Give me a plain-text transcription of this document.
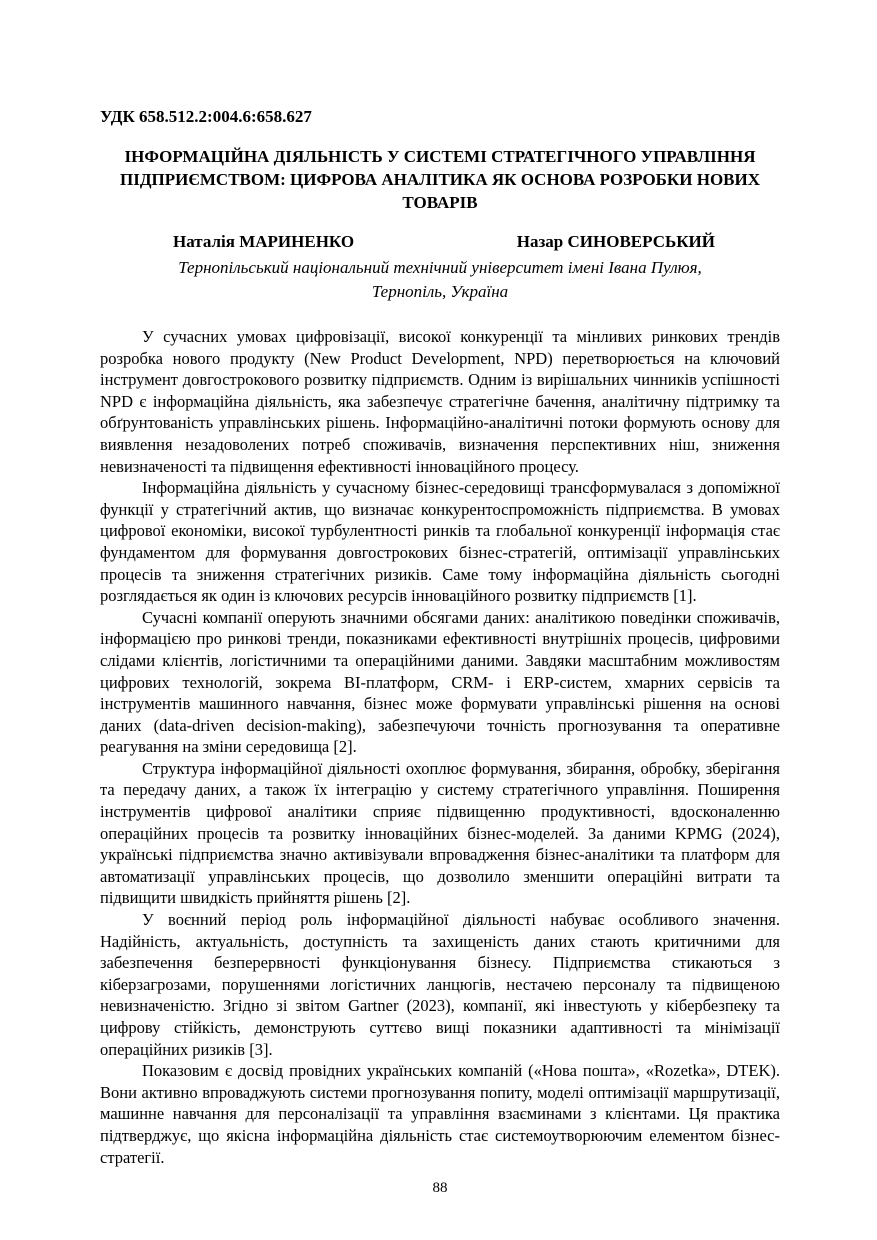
УДК 658.512.2:004.6:658.627
ІНФОРМАЦІЙНА ДІЯЛЬНІСТЬ У СИСТЕМІ СТРАТЕГІЧНОГО УПРАВЛІННЯ
ПІДПРИЄМСТВОМ: ЦИФРОВА АНАЛІТИКА ЯК ОСНОВА РОЗРОБКИ НОВИХ
ТОВАРІВ
Наталія МАРИНЕНКО	Назар СИНОВЕРСЬКИЙ
Тернопільський національний технічний університет імені Івана Пулюя,
Тернопіль, Україна

У сучасних умовах цифровізації, високої конкуренції та мінливих ринкових трендів розробка нового продукту (New Product Development, NPD) перетворюється на ключовий інструмент довгострокового розвитку підприємств. Одним із вирішальних чинників успішності NPD є інформаційна діяльність, яка забезпечує стратегічне бачення, аналітичну підтримку та обґрунтованість управлінських рішень. Інформаційно-аналітичні потоки формують основу для виявлення незадоволених потреб споживачів, визначення перспективних ніш, зниження невизначеності та підвищення ефективності інноваційного процесу.

Інформаційна діяльність у сучасному бізнес-середовищі трансформувалася з допоміжної функції у стратегічний актив, що визначає конкурентоспроможність підприємства. В умовах цифрової економіки, високої турбулентності ринків та глобальної конкуренції інформація стає фундаментом для формування довгострокових бізнес-стратегій, оптимізації управлінських процесів та зниження стратегічних ризиків. Саме тому інформаційна діяльність сьогодні розглядається як один із ключових ресурсів інноваційного розвитку підприємств [1].

Сучасні компанії оперують значними обсягами даних: аналітикою поведінки споживачів, інформацією про ринкові тренди, показниками ефективності внутрішніх процесів, цифровими слідами клієнтів, логістичними та операційними даними. Завдяки масштабним можливостям цифрових технологій, зокрема BI-платформ, CRM- і ERP-систем, хмарних сервісів та інструментів машинного навчання, бізнес може формувати управлінські рішення на основі даних (data-driven decision-making), забезпечуючи точність прогнозування та оперативне реагування на зміни середовища [2].

Структура інформаційної діяльності охоплює формування, збирання, обробку, зберігання та передачу даних, а також їх інтеграцію у систему стратегічного управління. Поширення інструментів цифрової аналітики сприяє підвищенню продуктивності, вдосконаленню операційних процесів та розвитку інноваційних бізнес-моделей. За даними KPMG (2024), українські підприємства значно активізували впровадження бізнес-аналітики та платформ для автоматизації управлінських процесів, що дозволило зменшити операційні витрати та підвищити швидкість прийняття рішень [2].

У воєнний період роль інформаційної діяльності набуває особливого значення. Надійність, актуальність, доступність та захищеність даних стають критичними для забезпечення безперервності функціонування бізнесу. Підприємства стикаються з кіберзагрозами, порушеннями логістичних ланцюгів, нестачею персоналу та підвищеною невизначеністю. Згідно зі звітом Gartner (2023), компанії, які інвестують у кібербезпеку та цифрову стійкість, демонструють суттєво вищі показники адаптивності та мінімізації операційних ризиків [3].

Показовим є досвід провідних українських компаній («Нова пошта», «Rozetka», DTEK). Вони активно впроваджують системи прогнозування попиту, моделі оптимізації маршрутизації, машинне навчання для персоналізації та управління взаєминами з клієнтами. Ця практика підтверджує, що якісна інформаційна діяльність стає системоутворюючим елементом бізнес-стратегії.

88
